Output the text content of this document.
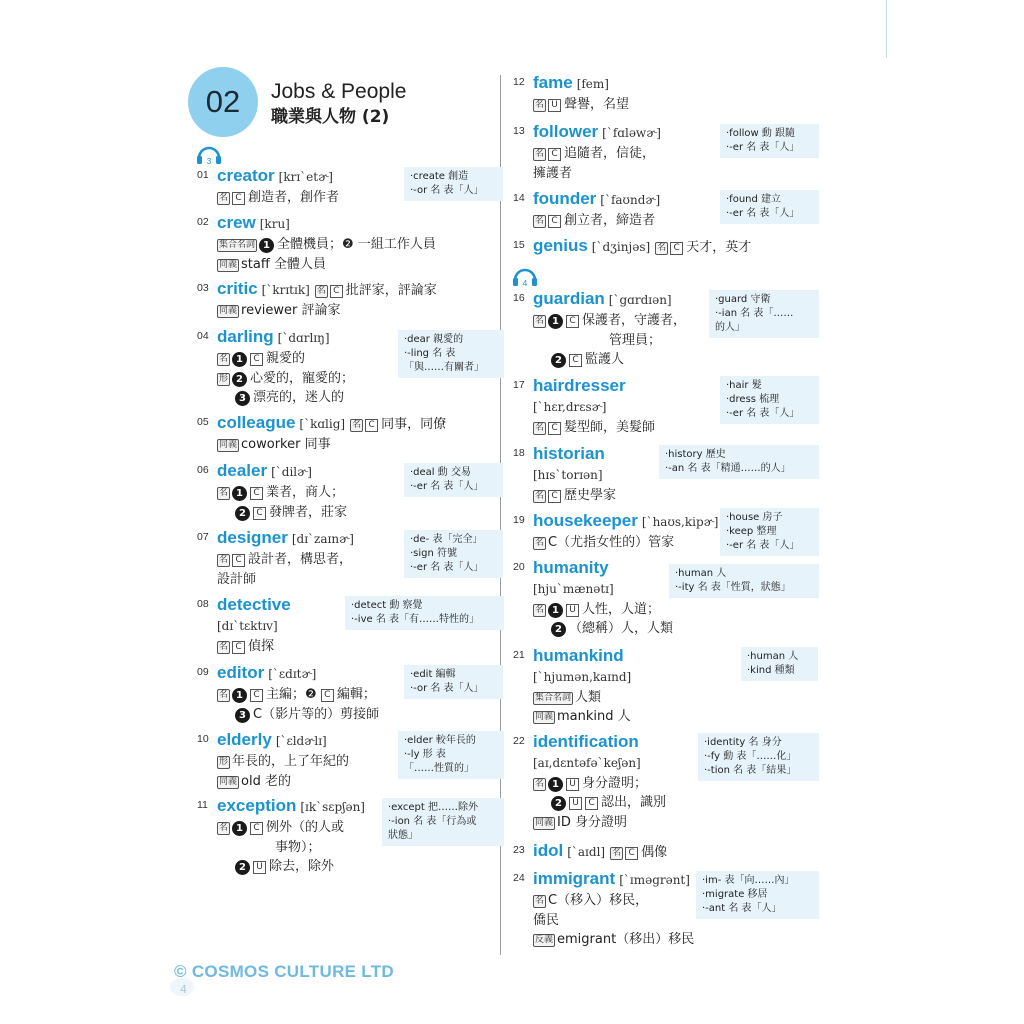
02 Jobs & People
職業與人物 (2)
3
4
01 creator [krɪˋetɚ]
名 C 創造者，創作者
‧create 創造
‧-or 名 表「人」
02 crew [kru]
集合名詞 1 全體機員；❷ 一組工作人員
同義 staff 全體人員
03 critic [ˋkrɪtɪk] 名 C 批評家，評論家
同義 reviewer 評論家
04 darling [ˋdɑrlɪŋ]
名 1 C 親愛的
形 2 心愛的，寵愛的；
3 漂亮的，迷人的
‧dear 親愛的
‧-ling 名 表
「與……有關者」
05 colleague [ˋkɑlig] 名 C 同事，同僚
同義 coworker 同事
06 dealer [ˋdilɚ]
名 1 C 業者，商人；
2 C 發牌者，莊家
‧deal 動 交易
‧-er 名 表「人」
07 designer [dɪˋzaɪnɚ]
名 C 設計者，構思者，
設計師
‧de- 表「完全」
‧sign 符號
‧-er 名 表「人」
08 detective
[dɪˋtɛktɪv]
名 C 偵探
‧detect 動 察覺
‧-ive 名 表「有……特性的」
09 editor [ˋɛdɪtɚ]
名 1 C 主編；❷ C 編輯；
3 C（影片等的）剪接師
‧edit 編輯
‧-or 名 表「人」
10 elderly [ˋɛldɚlɪ]
形 年長的，上了年紀的
同義 old 老的
‧elder 較年長的
‧-ly 形 表
「……性質的」
11 exception [ɪkˋsɛpʃən]
名 1 C 例外（的人或
事物）；
2 U 除去，除外
‧except 把……除外
‧-ion 名 表「行為或
狀態」
12 fame [fem]
名 U 聲譽，名望
13 follower [ˋfɑləwɚ]
名 C 追隨者，信徒，
擁護者
‧follow 動 跟隨
‧-er 名 表「人」
14 founder [ˋfaʊndɚ]
名 C 創立者，締造者
‧found 建立
‧-er 名 表「人」
15 genius [ˋdʒinjəs] 名 C 天才，英才
16 guardian [ˋgɑrdɪən]
名 1 C 保護者，守護者，
管理員；
2 C 監護人
‧guard 守衛
‧-ian 名 表「……
的人」
17 hairdresser
[ˋhɛr,drɛsɚ]
名 C 髮型師，美髮師
‧hair 髮
‧dress 梳理
‧-er 名 表「人」
18 historian
[hɪsˋtorɪən]
名 C 歷史學家
‧history 歷史
‧-an 名 表「精通……的人」
19 housekeeper [ˋhaʊs,kipɚ]
名 C（尤指女性的）管家
‧house 房子
‧keep 整理
‧-er 名 表「人」
20 humanity
[hjuˋmænətɪ]
名 1 U 人性，人道；
2 （總稱）人，人類
‧human 人
‧-ity 名 表「性質，狀態」
21 humankind
[ˋhjumən,kaɪnd]
集合名詞 人類
同義 mankind 人
‧human 人
‧kind 種類
22 identification
[aɪ,dɛntəfəˋkeʃən]
名 1 U 身分證明；
2 U C 認出，識別
同義 ID 身分證明
‧identity 名 身分
‧-fy 動 表「……化」
‧-tion 名 表「結果」
23 idol [ˋaɪdl] 名 C 偶像
24 immigrant [ˋɪməgrənt]
名 C（移入）移民，
僑民
反義 emigrant（移出）移民
‧im- 表「向……內」
‧migrate 移居
‧-ant 名 表「人」
4
© COSMOS CULTURE LTD
